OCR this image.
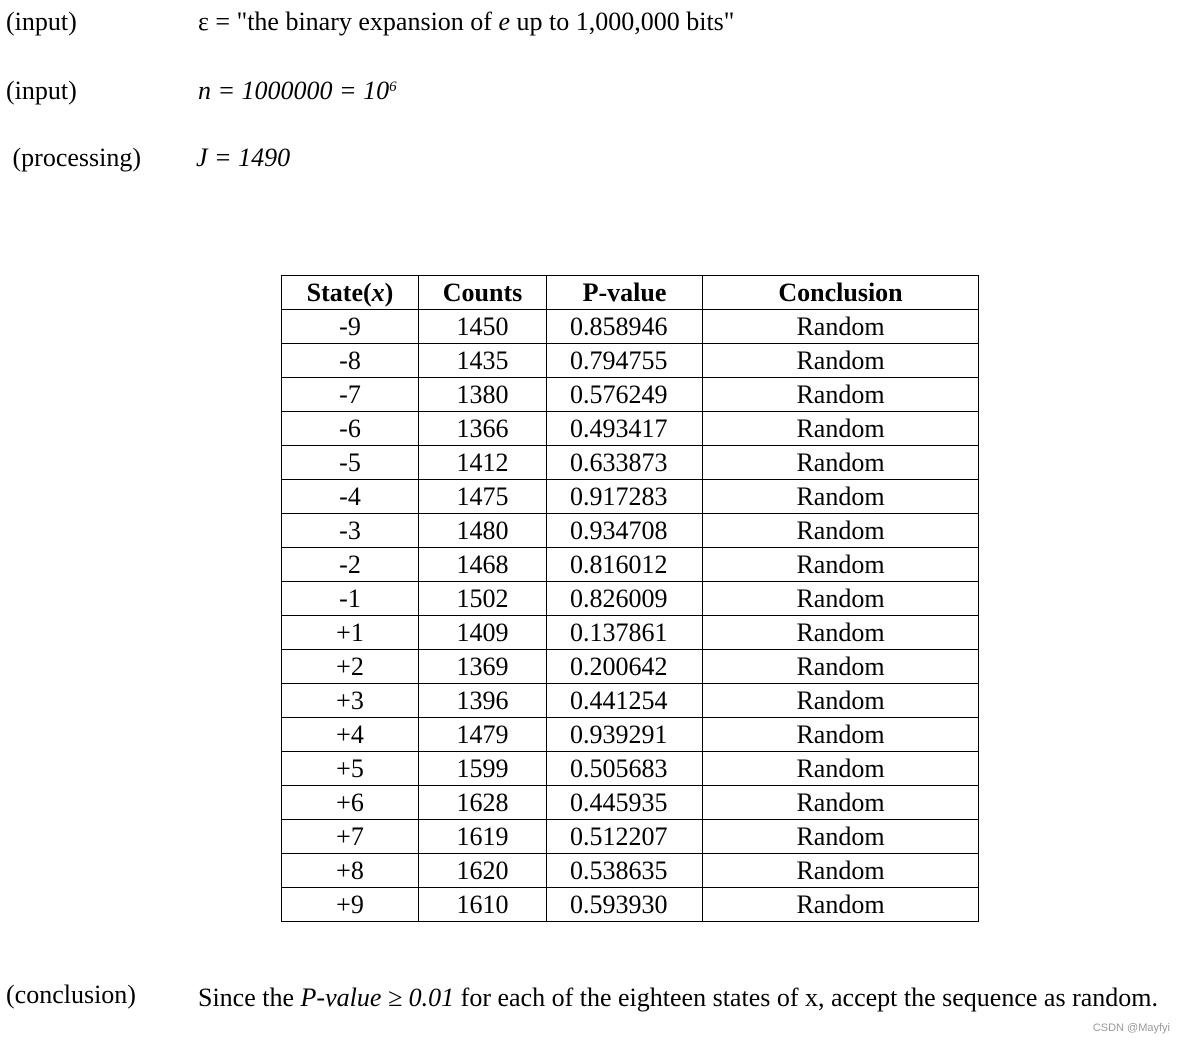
(input)	ε = "the binary expansion of e up to 1,000,000 bits"
(input)	$n = 1000000 = 10^6$
(processing) J = 1490
State(x)	Counts	P-value	Conclusion
-9	1450	0.858946	Random
-8	1435	0.794755	Random
-7	1380	0.576249	Random
-6	1366	0.493417	Random
-5	1412	0.633873	Random
-4	1475	0.917283	Random
-3	1480	0.934708	Random
-2	1468	0.816012	Random
-1	1502	0.826009	Random
+1	1409	0.137861	Random
+2	1369	0.200642	Random
+3	1396	0.441254	Random
+4	1479	0.939291	Random
+5	1599	0.505683	Random
+6	1628	0.445935	Random
+7	1619	0.512207	Random
+8	1620	0.538635	Random
+9	1610	0.593930	Random
(conclusion) Since the P-value ≥ 0.01 for each of the eighteen states of x, accept the sequence as random.
CSDN @Mayfyi
